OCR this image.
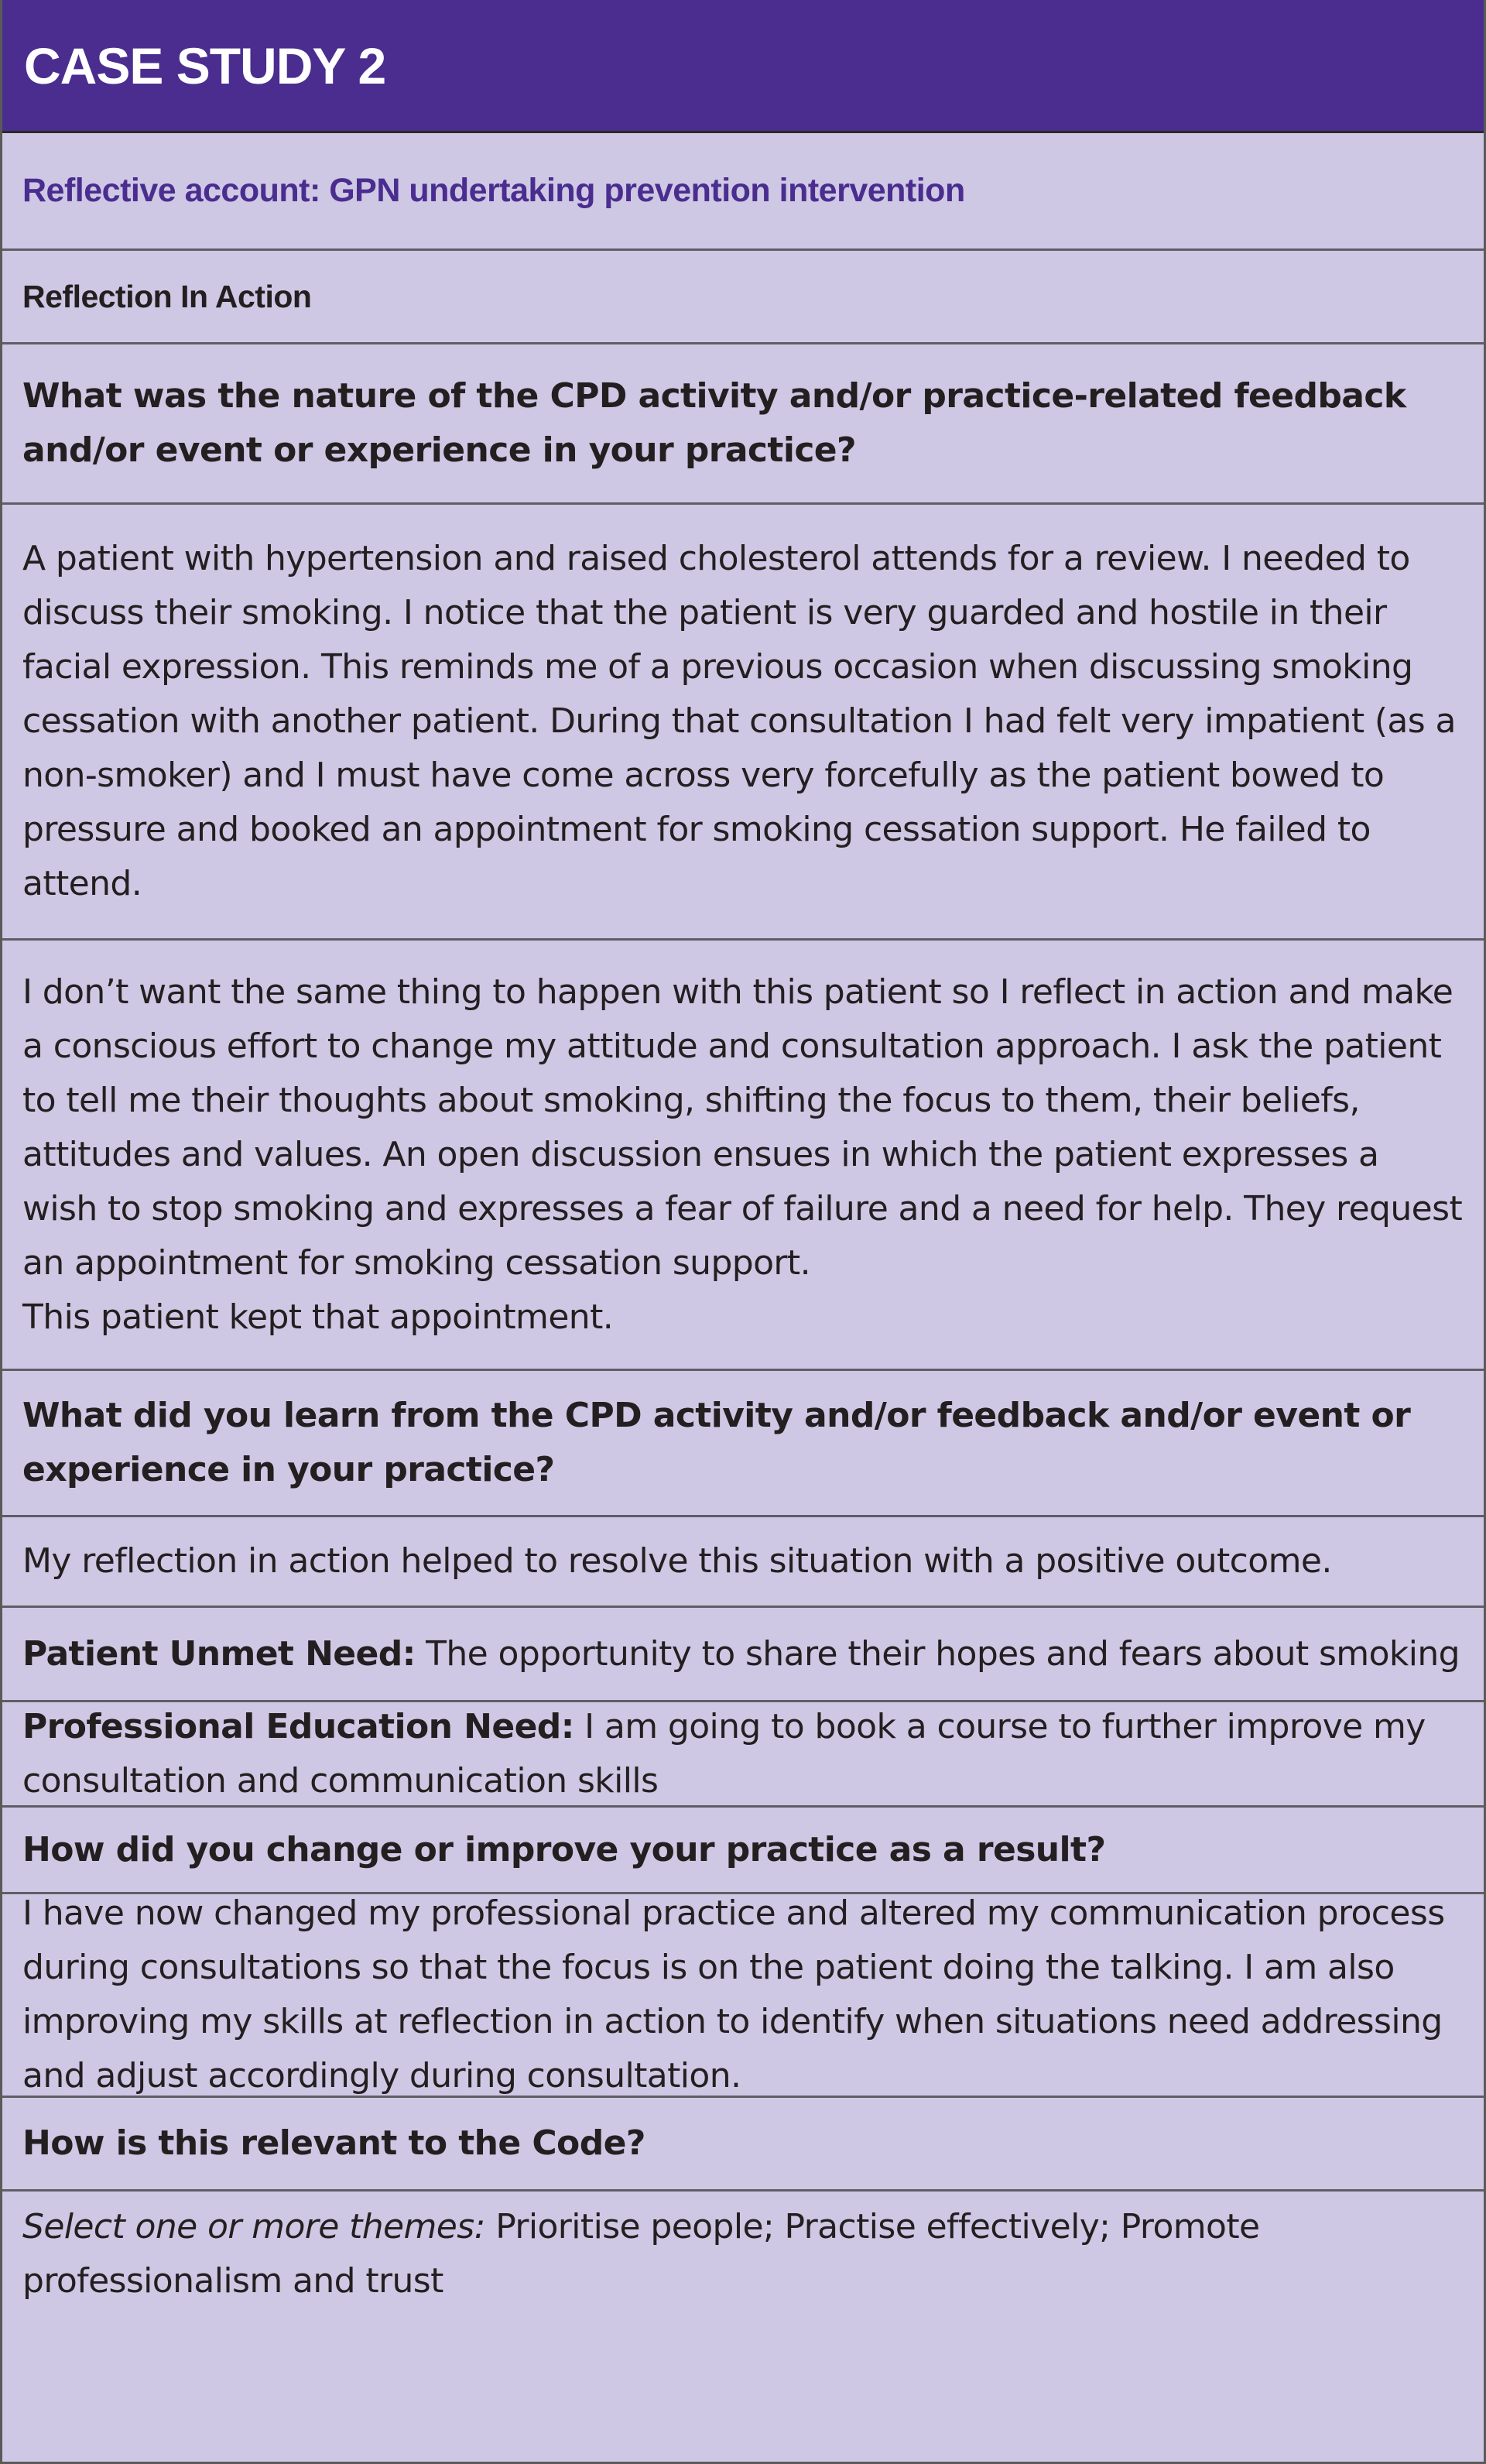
CASE STUDY 2
Reflective account: GPN undertaking prevention intervention
Reflection In Action
What was the nature of the CPD activity and/or practice-related feedback and/or event or experience in your practice?
A patient with hypertension and raised cholesterol attends for a review. I needed to discuss their smoking. I notice that the patient is very guarded and hostile in their facial expression. This reminds me of a previous occasion when discussing smoking cessation with another patient. During that consultation I had felt very impatient (as a non-smoker) and I must have come across very forcefully as the patient bowed to pressure and booked an appointment for smoking cessation support. He failed to attend.
I don’t want the same thing to happen with this patient so I reflect in action and make a conscious effort to change my attitude and consultation approach. I ask the patient to tell me their thoughts about smoking, shifting the focus to them, their beliefs, attitudes and values. An open discussion ensues in which the patient expresses a wish to stop smoking and expresses a fear of failure and a need for help. They request an appointment for smoking cessation support.
This patient kept that appointment.
What did you learn from the CPD activity and/or feedback and/or event or experience in your practice?
My reflection in action helped to resolve this situation with a positive outcome.
Patient Unmet Need: The opportunity to share their hopes and fears about smoking
Professional Education Need: I am going to book a course to further improve my consultation and communication skills
How did you change or improve your practice as a result?
I have now changed my professional practice and altered my communication process during consultations so that the focus is on the patient doing the talking. I am also improving my skills at reflection in action to identify when situations need addressing and adjust accordingly during consultation.
How is this relevant to the Code?
Select one or more themes: Prioritise people; Practise effectively; Promote professionalism and trust
